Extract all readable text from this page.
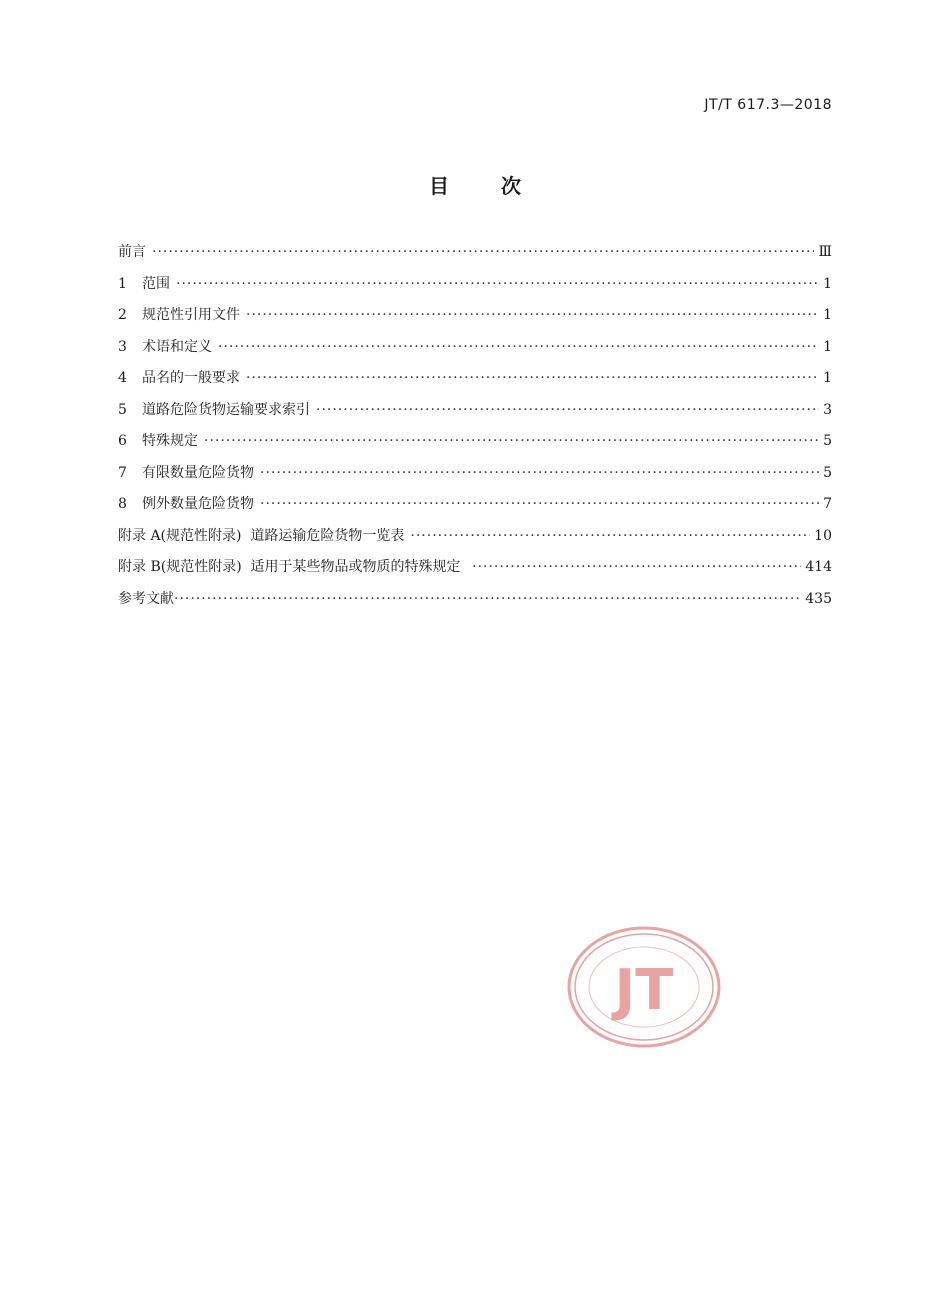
JT/T 617.3—2018
目	次
前言 ·····	Ⅲ
1	范围 ·····	1
2	规范性引用文件 ·····	1
3	术语和定义 ·····	1
4	品名的一般要求 ·····	1
5	道路危险货物运输要求索引 ·····	3
6	特殊规定 ·····	5
7	有限数量危险货物 ·····	5
8	例外数量危险货物 ·····	7
附录 A(规范性附录)  道路运输危险货物一览表 ·····	10
附录 B(规范性附录)  适用于某些物品或物质的特殊规定 ·····	414
参考文献 ·····	435
JT
